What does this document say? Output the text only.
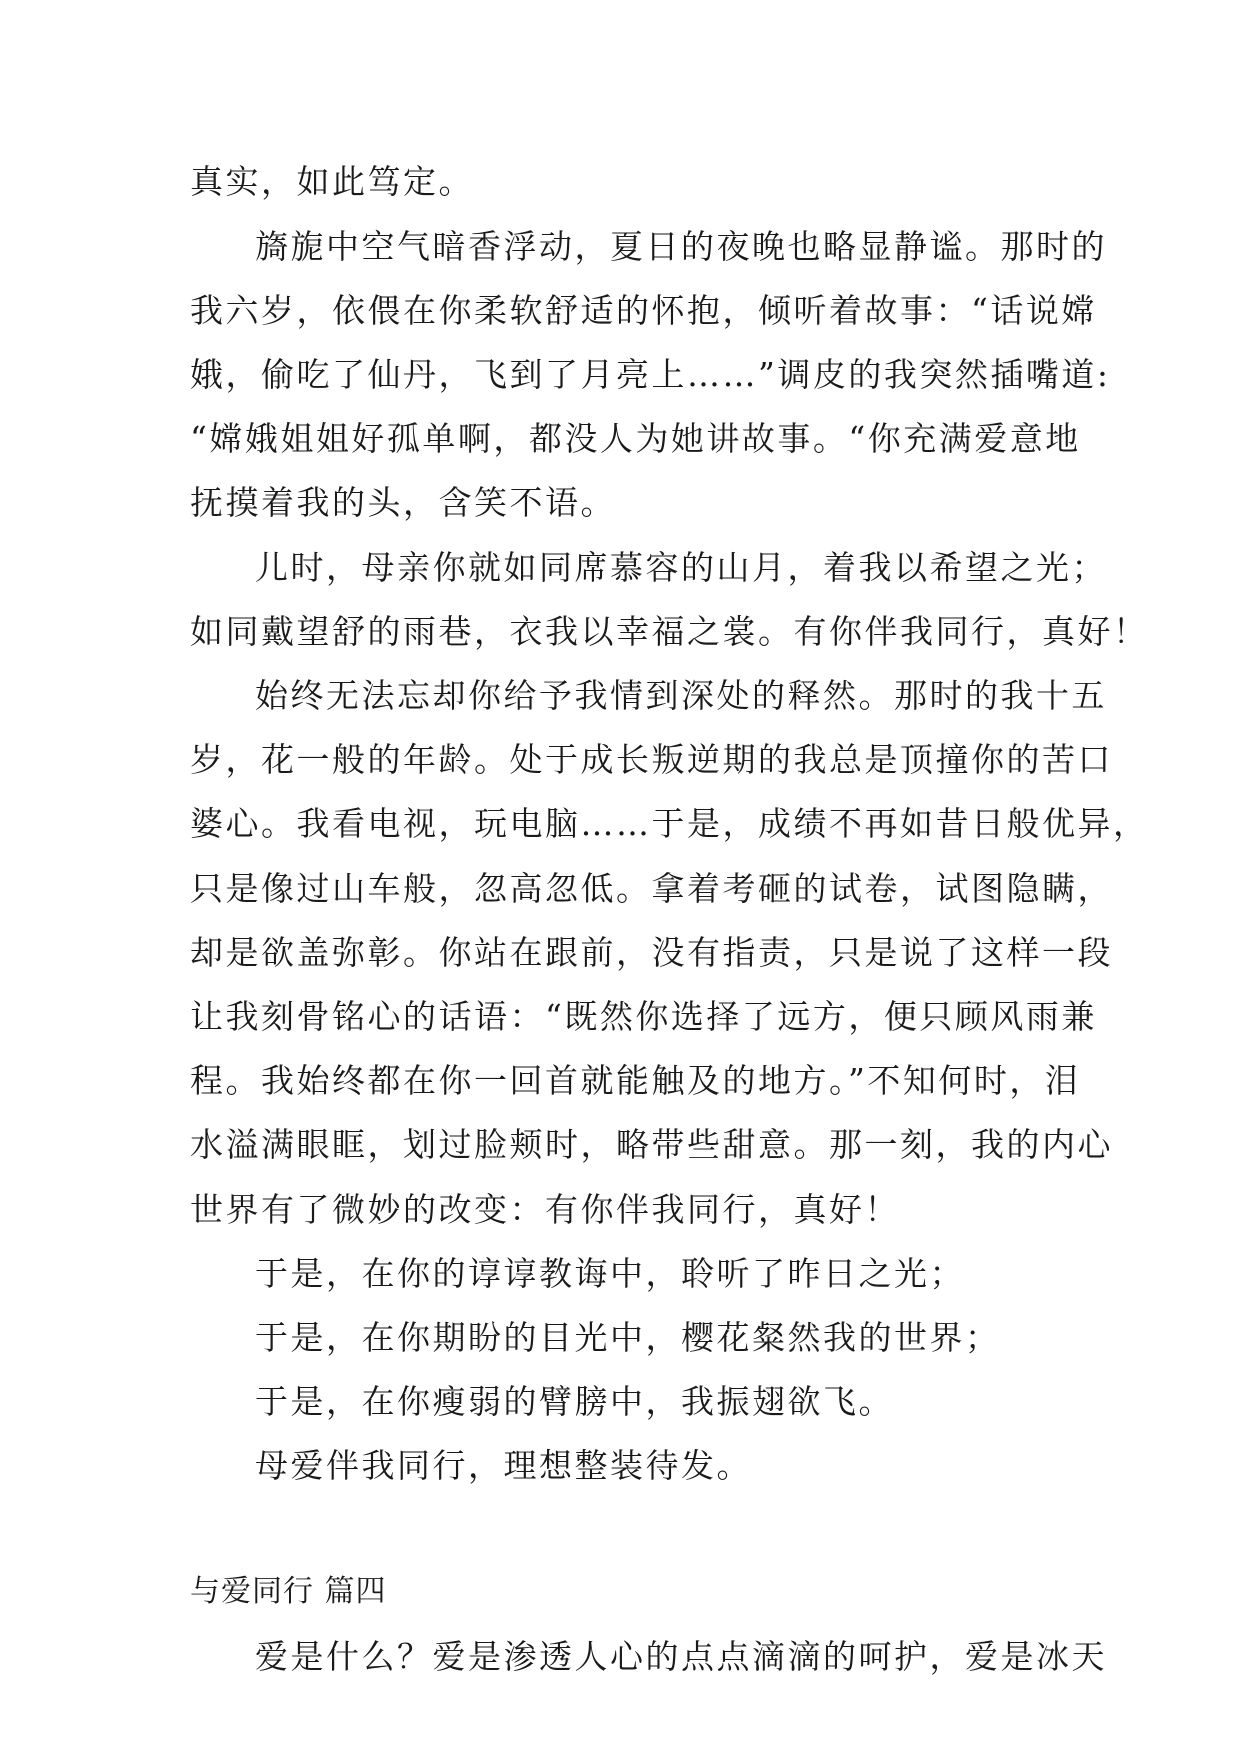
真实，如此笃定。
旖旎中空气暗香浮动，夏日的夜晚也略显静谧。那时的
我六岁，依偎在你柔软舒适的怀抱，倾听着故事：“话说嫦
娥，偷吃了仙丹，飞到了月亮上……”调皮的我突然插嘴道:
“嫦娥姐姐好孤单啊，都没人为她讲故事。“你充满爱意地
抚摸着我的头，含笑不语。
儿时，母亲你就如同席慕容的山月，着我以希望之光；
如同戴望舒的雨巷，衣我以幸福之裳。有你伴我同行，真好！
始终无法忘却你给予我情到深处的释然。那时的我十五
岁，花一般的年龄。处于成长叛逆期的我总是顶撞你的苦口
婆心。我看电视，玩电脑……于是，成绩不再如昔日般优异，
只是像过山车般，忽高忽低。拿着考砸的试卷，试图隐瞒，
却是欲盖弥彰。你站在跟前，没有指责，只是说了这样一段
让我刻骨铭心的话语：“既然你选择了远方，便只顾风雨兼
程。我始终都在你一回首就能触及的地方。”不知何时，泪
水溢满眼眶，划过脸颊时，略带些甜意。那一刻，我的内心
世界有了微妙的改变：有你伴我同行，真好！
于是，在你的谆谆教诲中，聆听了昨日之光；
于是，在你期盼的目光中，樱花粲然我的世界；
于是，在你瘦弱的臂膀中，我振翅欲飞。
母爱伴我同行，理想整装待发。
与爱同行 篇四
爱是什么？爱是渗透人心的点点滴滴的呵护，爱是冰天
